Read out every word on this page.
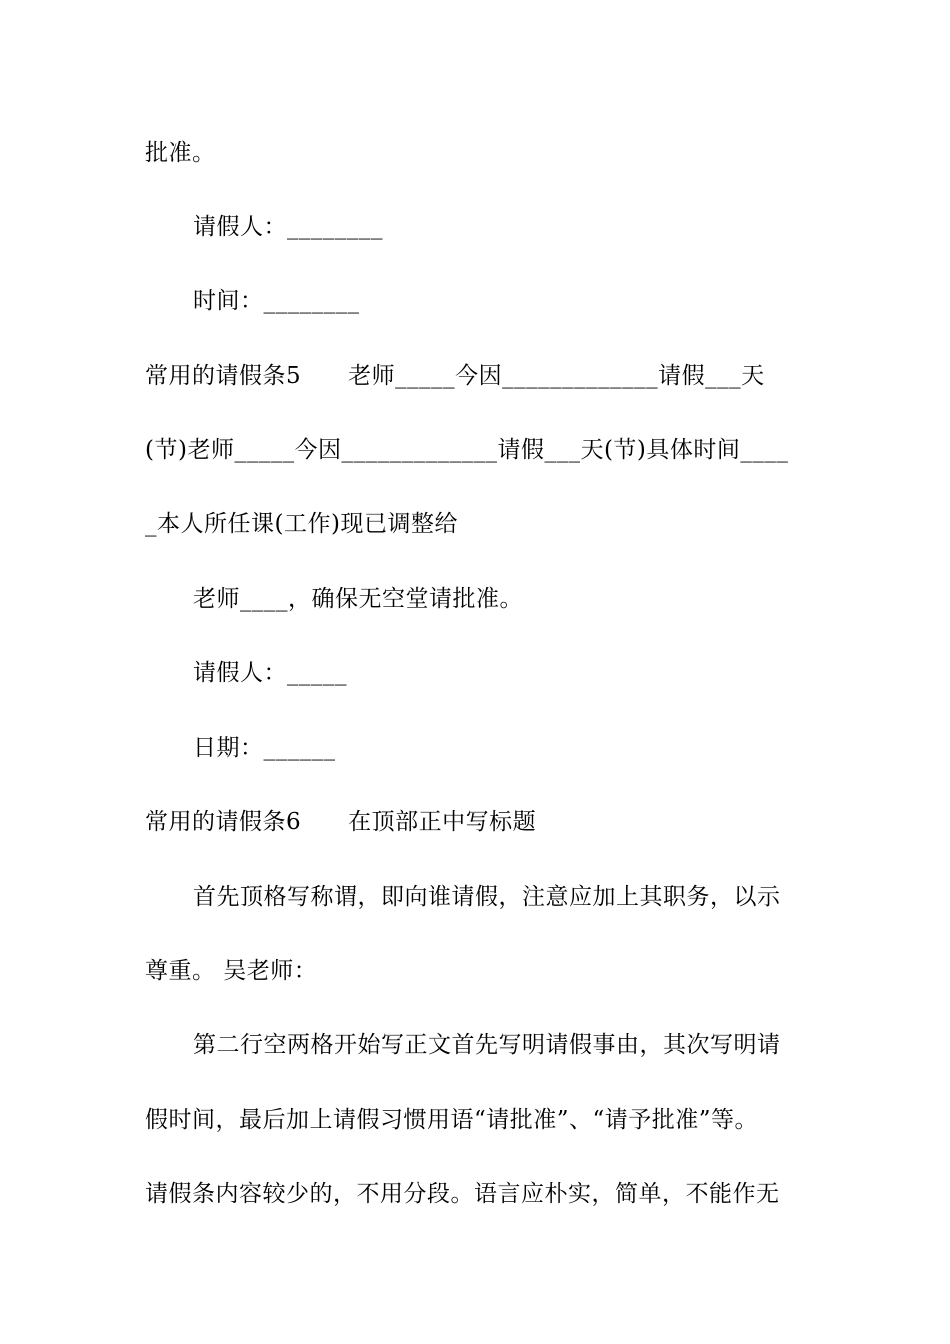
批准。
请假人：________
时间：________
常用的请假条5　　老师_____今因_____________请假___天
(节)老师_____今因_____________请假___天(节)具体时间____
_本人所任课(工作)现已调整给
老师____，确保无空堂请批准。
请假人：_____
日期：______
常用的请假条6　　在顶部正中写标题
首先顶格写称谓，即向谁请假，注意应加上其职务，以示
尊重。 吴老师：
第二行空两格开始写正文首先写明请假事由，其次写明请
假时间，最后加上请假习惯用语“请批准”、“请予批准”等。
请假条内容较少的，不用分段。语言应朴实，简单，不能作无
